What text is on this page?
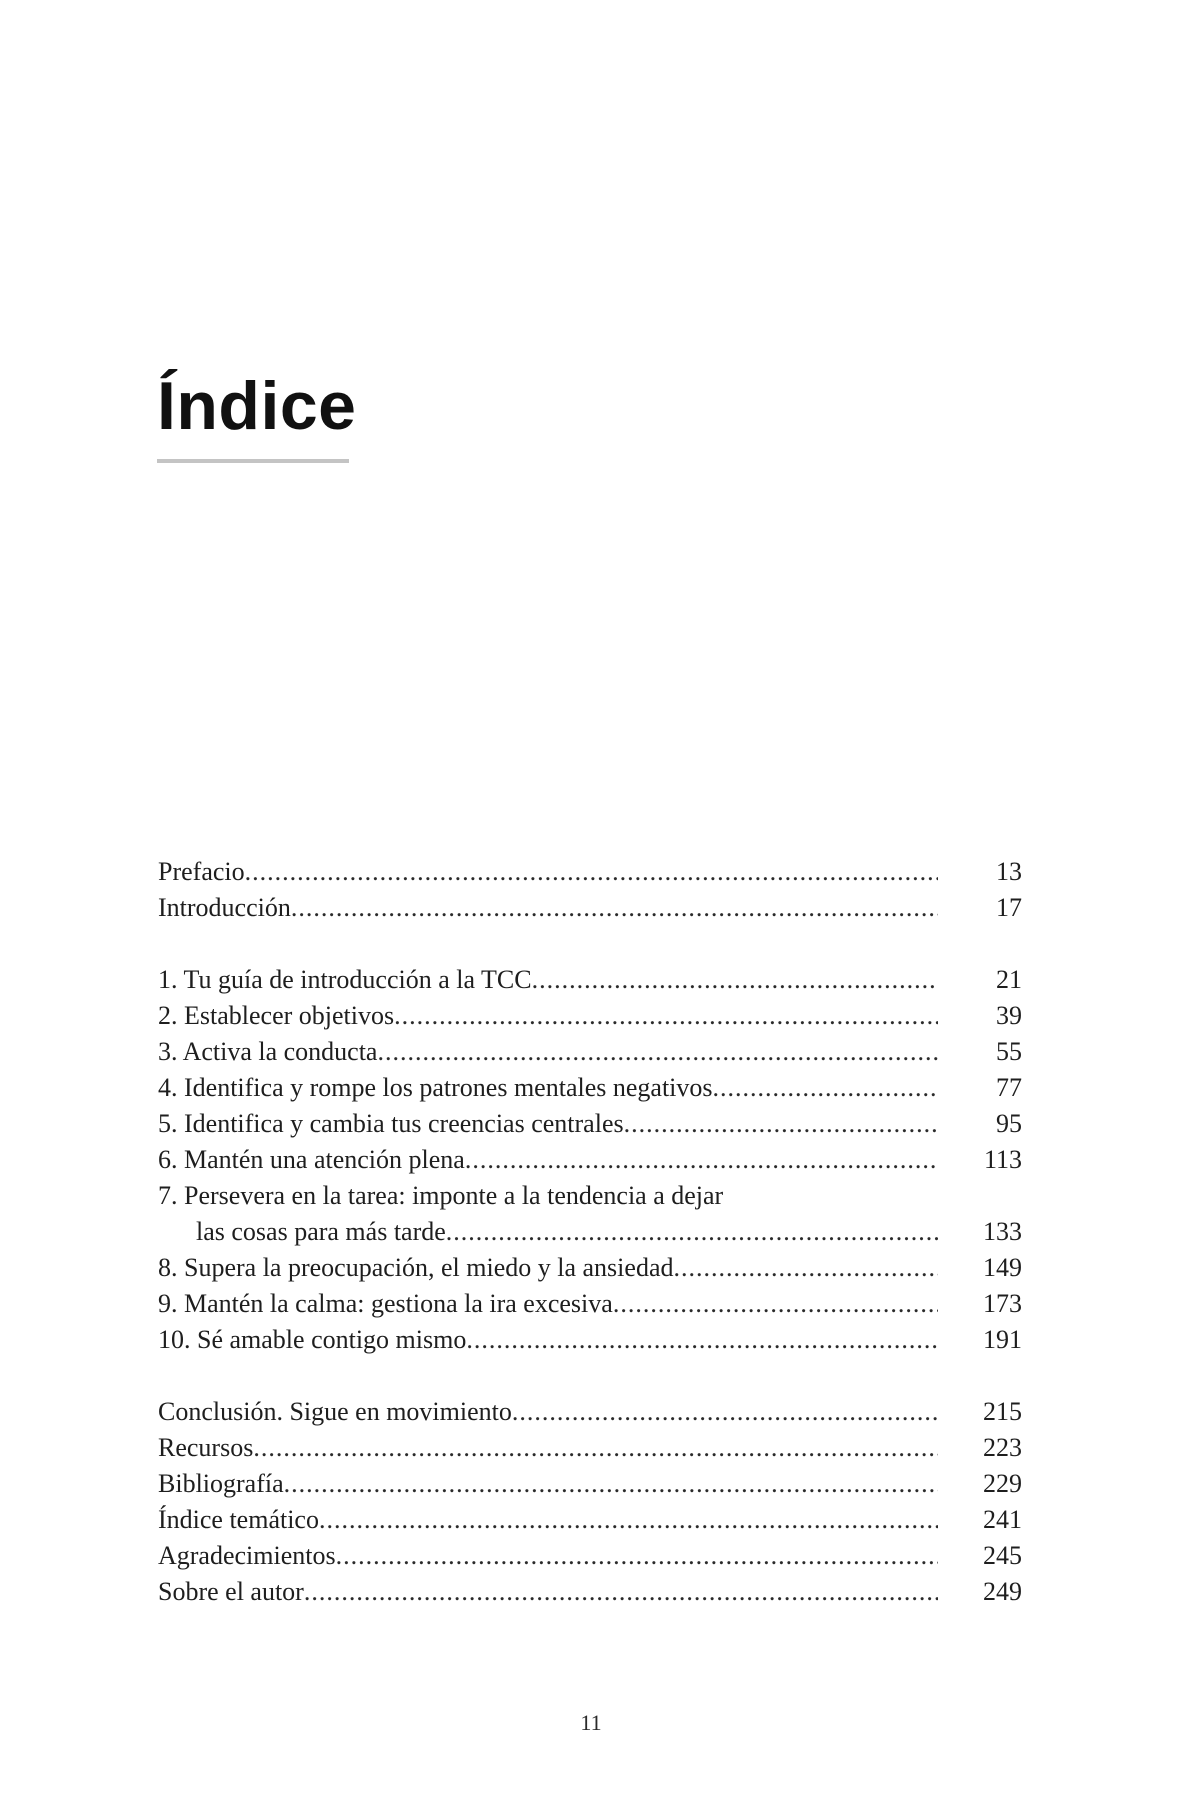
Índice
Prefacio .....	13
Introducción .....	17
1. Tu guía de introducción a la TCC .....	21
2. Establecer objetivos .....	39
3. Activa la conducta .....	55
4. Identifica y rompe los patrones mentales negativos .....	77
5. Identifica y cambia tus creencias centrales .....	95
6. Mantén una atención plena .....	113
7. Persevera en la tarea: imponte a la tendencia a dejar
las cosas para más tarde .....	133
8. Supera la preocupación, el miedo y la ansiedad .....	149
9. Mantén la calma: gestiona la ira excesiva .....	173
10. Sé amable contigo mismo .....	191
Conclusión. Sigue en movimiento .....	215
Recursos .....	223
Bibliografía .....	229
Índice temático .....	241
Agradecimientos .....	245
Sobre el autor .....	249
11
